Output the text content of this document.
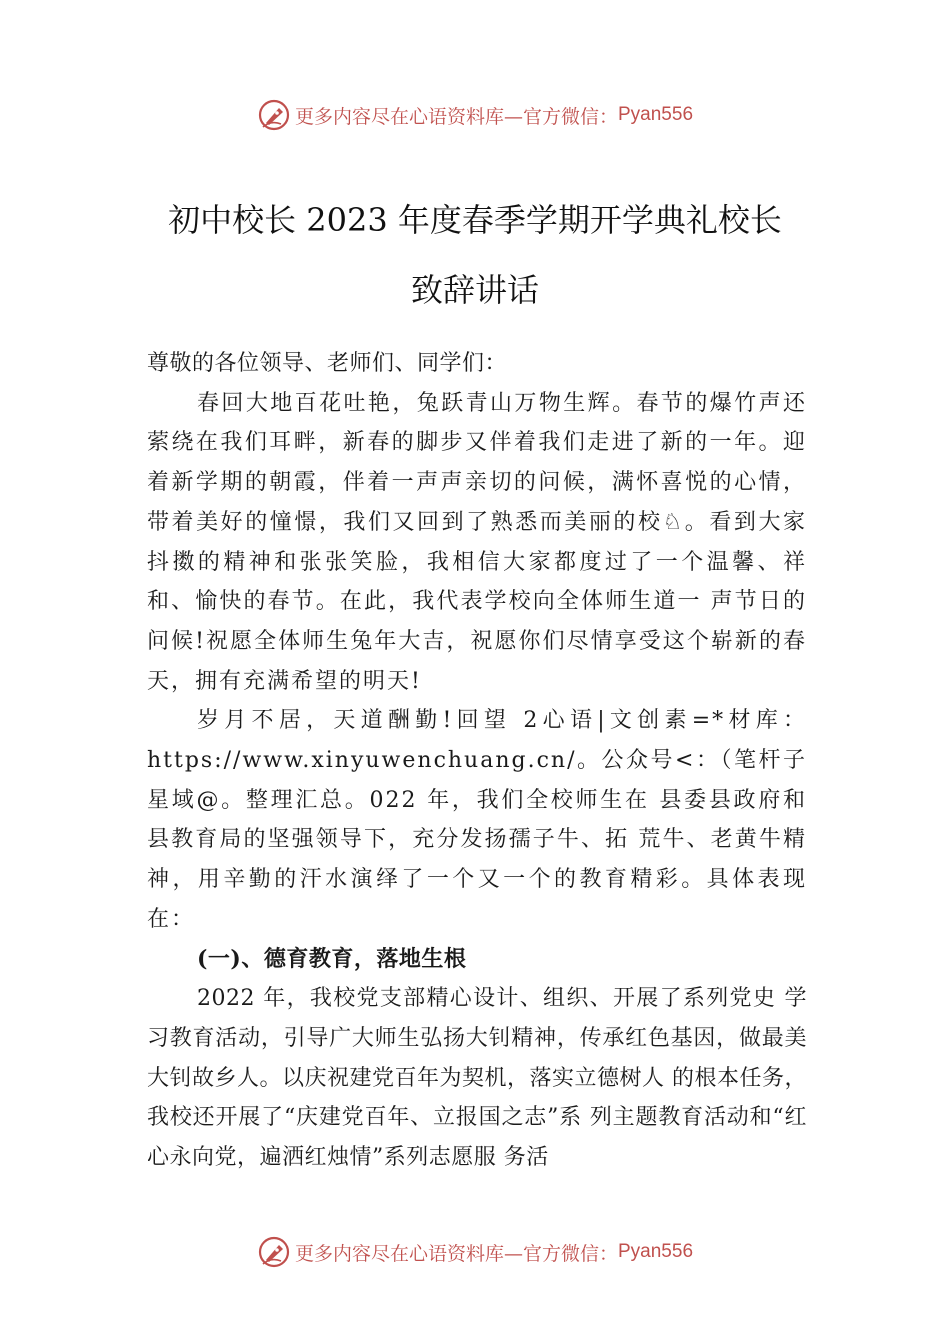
更多内容尽在心语资料库—官方微信： Pyan556
初中校长 2023 年度春季学期开学典礼校长
致辞讲话

尊敬的各位领导、老师们、同学们：

春回大地百花吐艳，兔跃青山万物生辉。春节的爆竹声还萦绕在我们耳畔，新春的脚步又伴着我们走进了新的一年。迎着新学期的朝霞，伴着一声声亲切的问候，满怀喜悦的心情，带着美好的憧憬，我们又回到了熟悉而美丽的校♘。看到大家抖擞的精神和张张笑脸，我相信大家都度过了一个温馨、祥和、愉快的春节。在此，我代表学校向全体师生道一 声节日的问候!祝愿全体师生兔年大吉，祝愿你们尽情享受这个崭新的春天，拥有充满希望的明天!

岁月不居，天道酬勤!回望 2心语|文创素=*材库：https://www.xinyuwenchuang.cn/。公众号<：（笔杆子星域@。整理汇总。022 年，我们全校师生在 县委县政府和县教育局的坚强领导下，充分发扬孺子牛、拓 荒牛、老黄牛精神，用辛勤的汗水演绎了一个又一个的教育精彩。具体表现在：

(一)、德育教育，落地生根

2022 年，我校党支部精心设计、组织、开展了系列党史 学习教育活动，引导广大师生弘扬大钊精神，传承红色基因，做最美大钊故乡人。以庆祝建党百年为契机，落实立德树人 的根本任务，我校还开展了“庆建党百年、立报国之志”系 列主题教育活动和“红心永向党，遍洒红烛情”系列志愿服 务活

更多内容尽在心语资料库—官方微信： Pyan556
